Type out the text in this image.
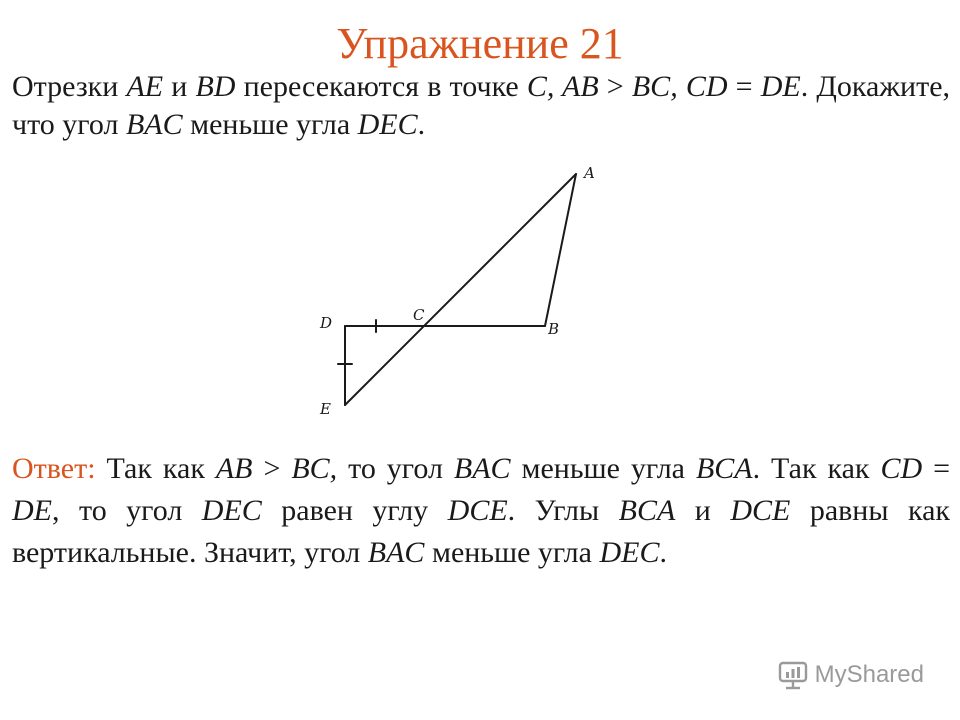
Упражнение 21
Отрезки AE и BD пересекаются в точке C, AB > BC, CD = DE. Докажите, что угол BAC меньше угла DEC.
A
B
C
D
E
Ответ: Так как AB > BC, то угол BAC меньше угла BCA. Так как CD = DE, то угол DEC равен углу DCE. Углы BCA и DCE равны как вертикальные. Значит, угол BAC меньше угла DEC.
MyShared
